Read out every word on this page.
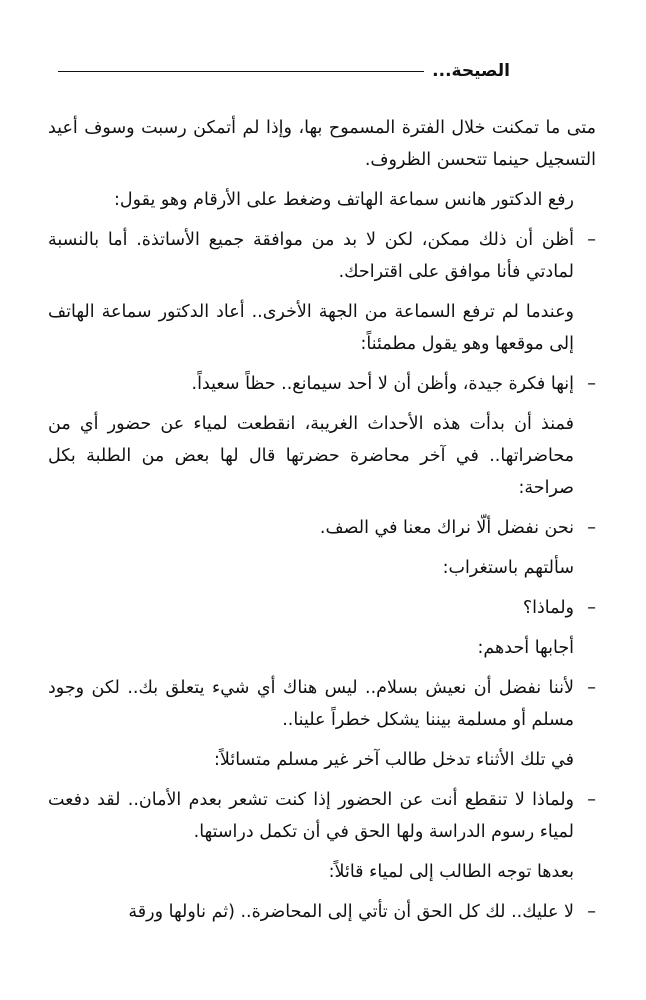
الصيحة...

متى ما تمكنت خلال الفترة المسموح بها، وإذا لم أتمكن رسبت وسوف أعيد التسجيل حينما تتحسن الظروف.

رفع الدكتور هانس سماعة الهاتف وضغط على الأرقام وهو يقول:

–
أظن أن ذلك ممكن، لكن لا بد من موافقة جميع الأساتذة. أما بالنسبة لمادتي فأنا موافق على اقتراحك.

وعندما لم ترفع السماعة من الجهة الأخرى.. أعاد الدكتور سماعة الهاتف إلى موقعها وهو يقول مطمئناً:

–
إنها فكرة جيدة، وأظن أن لا أحد سيمانع.. حظاً سعيداً.

فمنذ أن بدأت هذه الأحداث الغريبة، انقطعت لمياء عن حضور أي من محاضراتها.. في آخر محاضرة حضرتها قال لها بعض من الطلبة بكل صراحة:

–
نحن نفضل ألّا نراك معنا في الصف.

سألتهم باستغراب:

–
ولماذا؟

أجابها أحدهم:

–
لأننا نفضل أن نعيش بسلام.. ليس هناك أي شيء يتعلق بك.. لكن وجود مسلم أو مسلمة بيننا يشكل خطراً علينا..

في تلك الأثناء تدخل طالب آخر غير مسلم متسائلاً:

–
ولماذا لا تنقطع أنت عن الحضور إذا كنت تشعر بعدم الأمان.. لقد دفعت لمياء رسوم الدراسة ولها الحق في أن تكمل دراستها.

بعدها توجه الطالب إلى لمياء قائلاً:

–
لا عليك.. لك كل الحق أن تأتي إلى المحاضرة.. (ثم ناولها ورقة
